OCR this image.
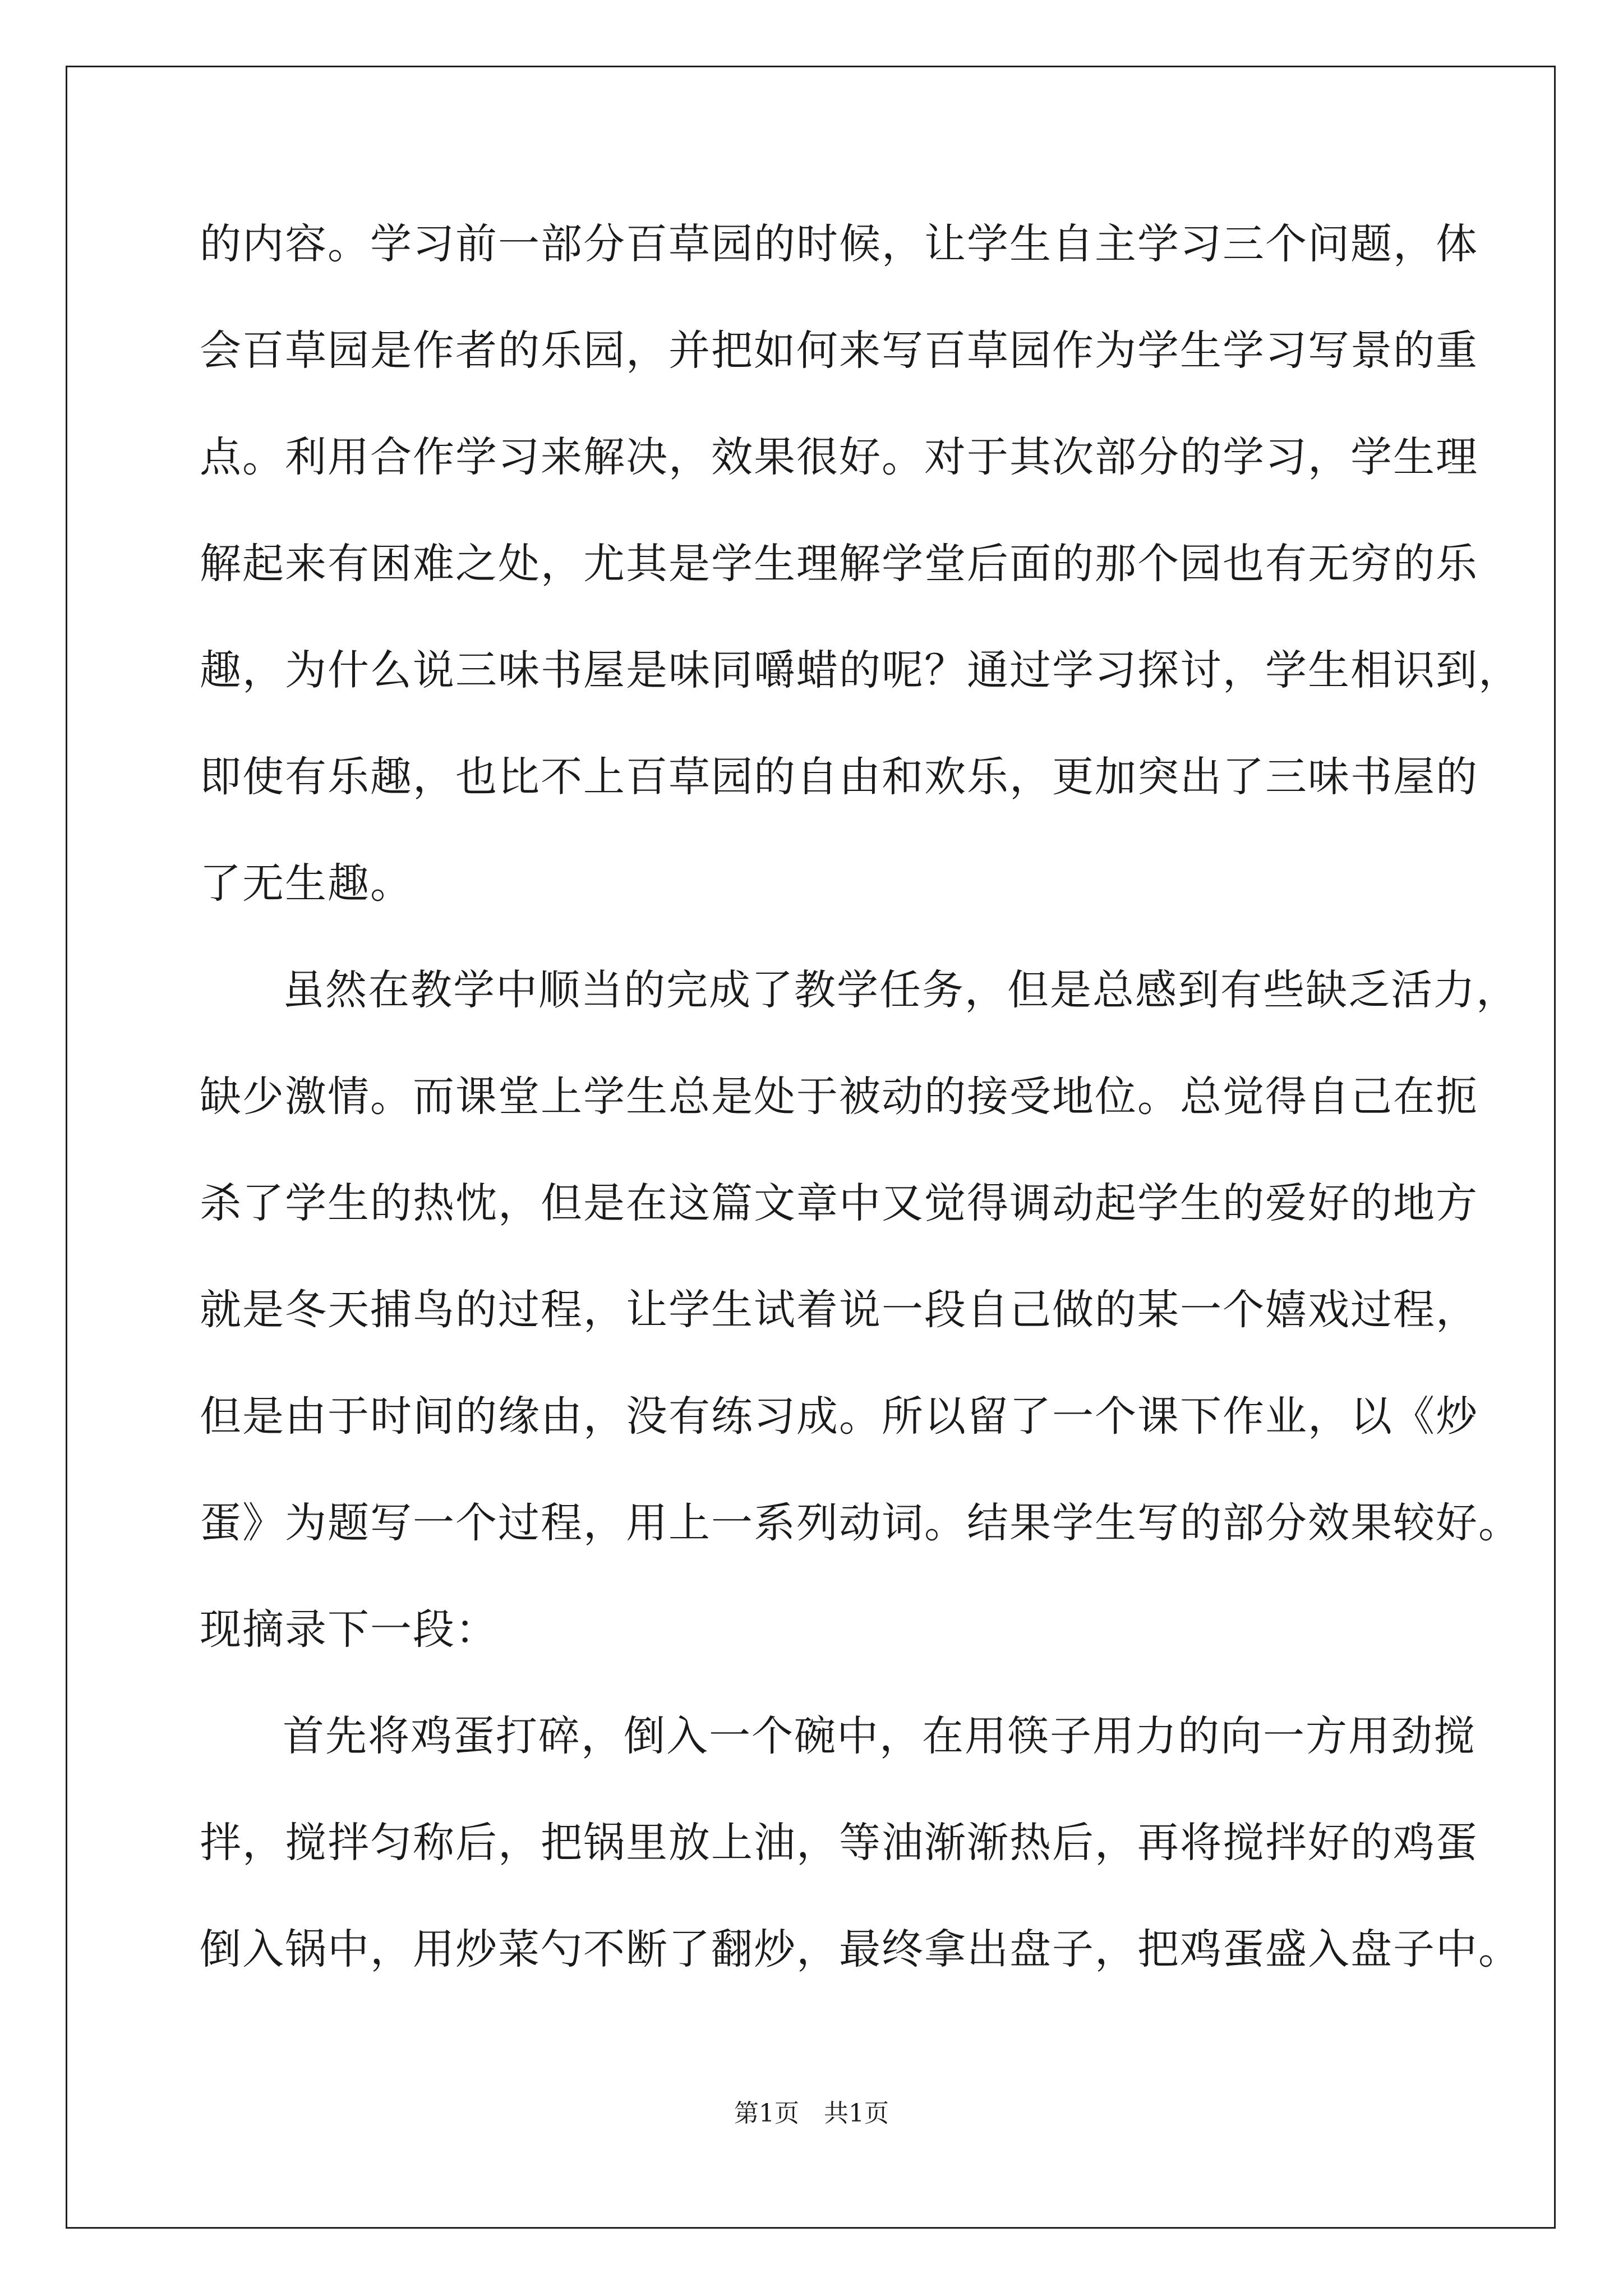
的内容。学习前一部分百草园的时候，让学生自主学习三个问题，体
会百草园是作者的乐园，并把如何来写百草园作为学生学习写景的重
点。利用合作学习来解决，效果很好。对于其次部分的学习，学生理
解起来有困难之处，尤其是学生理解学堂后面的那个园也有无穷的乐
趣，为什么说三味书屋是味同嚼蜡的呢？通过学习探讨，学生相识到，
即使有乐趣，也比不上百草园的自由和欢乐，更加突出了三味书屋的
了无生趣。
虽然在教学中顺当的完成了教学任务，但是总感到有些缺乏活力，
缺少激情。而课堂上学生总是处于被动的接受地位。总觉得自己在扼
杀了学生的热忱，但是在这篇文章中又觉得调动起学生的爱好的地方
就是冬天捕鸟的过程，让学生试着说一段自己做的某一个嬉戏过程，
但是由于时间的缘由，没有练习成。所以留了一个课下作业，以《炒
蛋》为题写一个过程，用上一系列动词。结果学生写的部分效果较好。
现摘录下一段：
首先将鸡蛋打碎，倒入一个碗中，在用筷子用力的向一方用劲搅
拌，搅拌匀称后，把锅里放上油，等油渐渐热后，再将搅拌好的鸡蛋
倒入锅中，用炒菜勺不断了翻炒，最终拿出盘子，把鸡蛋盛入盘子中。
第1页　共1页
